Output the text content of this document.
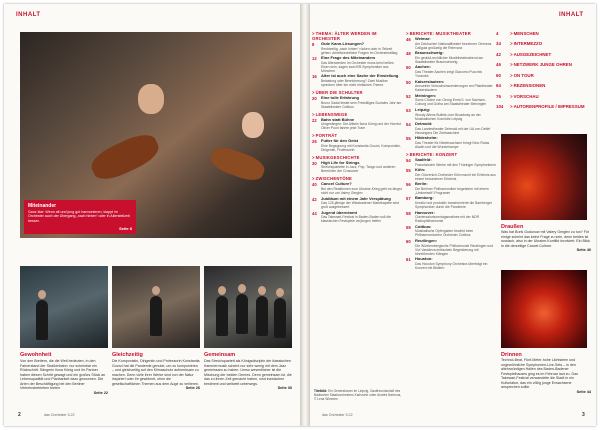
INHALT
Miteinander
Ganz klar: Wenn alt und jung gut harmonieren, klappt im Orchester auch der Übergang „nach hinten“ oder in Altersteilzeit besser.
Seite 8
Gewohnheit
Von den Brettern, die die Welt bedeuten, in den Fahrerstand der Straßenbahn: nur scheinbar ein Rückschritt. Sängerin Ilona König und ihr Partner haben diesen Schritt gewagt und ein großes Stück an Lebensqualität und Planbarkeit dazu gewonnen. Die Arten der Beschäftigung bei den Berliner Verkehrsbetrieben bieten
Seite 22
Gleichzeitig
Die Komponistin, Dirigentin und Professorin Konstantia Gourzi hat die Pandemie genutzt, um zu komponieren – und gleichzeitig auf den Klimaschutz aufmerksam zu machen. Denn viele ihrer Werke sind von der Natur inspiriert oder ihr gewidmet, ohne die gesellschaftlichen Themen aus dem Auge zu verlieren.
Seite 26
Gemeinsam
Das Streichquartett als Königsdisziplin der klassischen Kammermusik scheint nur sehr wenig mit dem Jazz gemeinsam zu haben. Umso wesentlicher ist die Mischung der beiden Genres. Denn gemeinsam ist, die das zu ihnen Zeit gemacht haben, sind inzwischen bestimmt und weltweit unterwegs.
Seite 30
2	das Orchester 5.22
> THEMA: ÄLTER WERDEN IM ORCHESTER
8	Gute Kann-Lösungen?
Rechtzeitig „nach hinten“ rücken oder in Teilzeit gehen: Arbeitsrechtliche Fragen im Orchesteralltag
12	Eine Frage des Miteinanders
Das Älterwerden im Orchester muss kein heißes Eisen sein, sagen zwei BR-Symphoniker aus München
16	Alter ist auch eine Sache der Einstellung
Belastung oder Bereicherung? Zwei Musiker sprechen über ein nicht einfaches Thema
> ÜBER DIE SCHULTER
20	Eine tolle Erfahrung
Bruno Sadal leistet sein Freiwilliges Soziales Jahr am Staatstheater Cottbus
> LEBENSWEGE
22	Bahn statt Bühne
Umgestiegen: Die Altistin Ilona König und der Hornist Oliver Puon fahren jetzt Tram
> PORTRÄT
26	Futter für den Geist
Eine Begegnung mit Konstantia Gourzi, Komponistin, Dirigentin, Professorin
> MUSIKGESCHICHTE
30	High Life for Strings
Streichquartette in Jazz, Pop, Tango und anderen Bereichen der Crossover
> ZWISCHENTÖNE
40	Cancel Culture?
Bei den Reaktionen zum Ukraine-Krieg geht es längst nicht nur um Valery Gergiev
42	Jubiläum mit einem Jahr Verspätung
Das 125-jährige der Wiesbadener Marktkapelle wird groß ausgebessert
44	Jugend übernimmt
Das Takewari-Festival in Baden-Baden soll die klassischen Festspiele verjüngen helfen
> BERICHTE: MUSIKTHEATER
46	Weimar:
Am Deutschen Nationaltheater bezeirnen Clemens Caligula großartig die Relevanz
48	Braunschweig:
Ein geduld-rechtlicher Musiktheaterabend am Staatstheater Braunschweig
50	Aachen:
Das Theater Aachen zeigt Giacomo Puccinis Turandot
50	Kaiserslautern:
Annuelnie Versuchsinszenierungen am Pfalztheater Kaiserslautern
52	Meiningen:
Sonic Choice von Georg Ernst II. von Sachsen-Coburg und Gotha am Staatstheater Meiningen
53	Leipzig:
Woody Allens Bullets over Broadway an der Musikalischen Komödie Leipzig
54	Detmold:
Das Landestheater Detmold mit der UA von Detlef Heusingers Die Zeitmaschine
55	Hildesheim:
Das Theater für Niedersachsen bringt Nino Rotas Aladin und die Wunderlampe
> BERICHTE: KONZERT
54	Saalfeld:
Französische Werke mit den Thüringer Symphonikern
55	Köln:
Der Gürzenich-Orchester Köln macht ein Erlebnis aus einem besonderen Erlebnis
56	Berlin:
Die Berliner Philharmoniker begeistern mit einem „Umkreiselt“-Programm
57	Bamberg:
Kreativ und produktiv transformierte die Bamberger Symphoniker durch die Pandemie
58	Hannover:
Claviersalonsonntagsmatinee mit der NDR Radiophilharmonie
59	Cottbus:
Musikalische Opfergaben bewirkt beim Philharmonischen Orchester Cottbus
60	Reutlingen:
Die Württembergische Philharmonie Reutlingen und Vivi Vassileva entfacheln Begeisterung mit hinreißenden Klängen
61	Houston:
Das Houston Symphony Orchestra überträgt ein Konzert mit Bildlern
INHALT
4	> MENSCHEN
34	> INTERMEZZO
42	> AUSGEZEICHNET
46	> NETZWERK JUNGE OHREN
60	> ON TOUR
64	> REZENSIONEN
76	> VORSCHAU
104	> AUTORENPROFILE / IMPRESSUM
Draußen
Was hat Boris Godunow mit Valery Gergiev zu tun? Für einige scheint das keine Frage zu sein, denn beides ist russisch, also in der Ukraine-Konflikt involviert. Ein Blick in die derzeitige Cancel-Culture.
Seite 40
Drinnen
Technoi-Beat, Fünf-Meter-hohe Lichtsteen und ungewöhnliche Symphonien-Live-Sets – in den altehrwürdigen Hallen des Baden-Badener Festspielhauses ging es im Februar laut zu. Das Takewari-Festival verwandelte die Stadt in ein Kulturlabor, das ein völlig junge Erwachsene ansprechen sollte.
Seite 44
Titelbild: Ein Generationen im Leipzig, Gastfreundschaft des Badischen Staatsorchesters Karlsruhe unter Andrés Narbona, © Lena Wimmen
das Orchester 5.22	3
